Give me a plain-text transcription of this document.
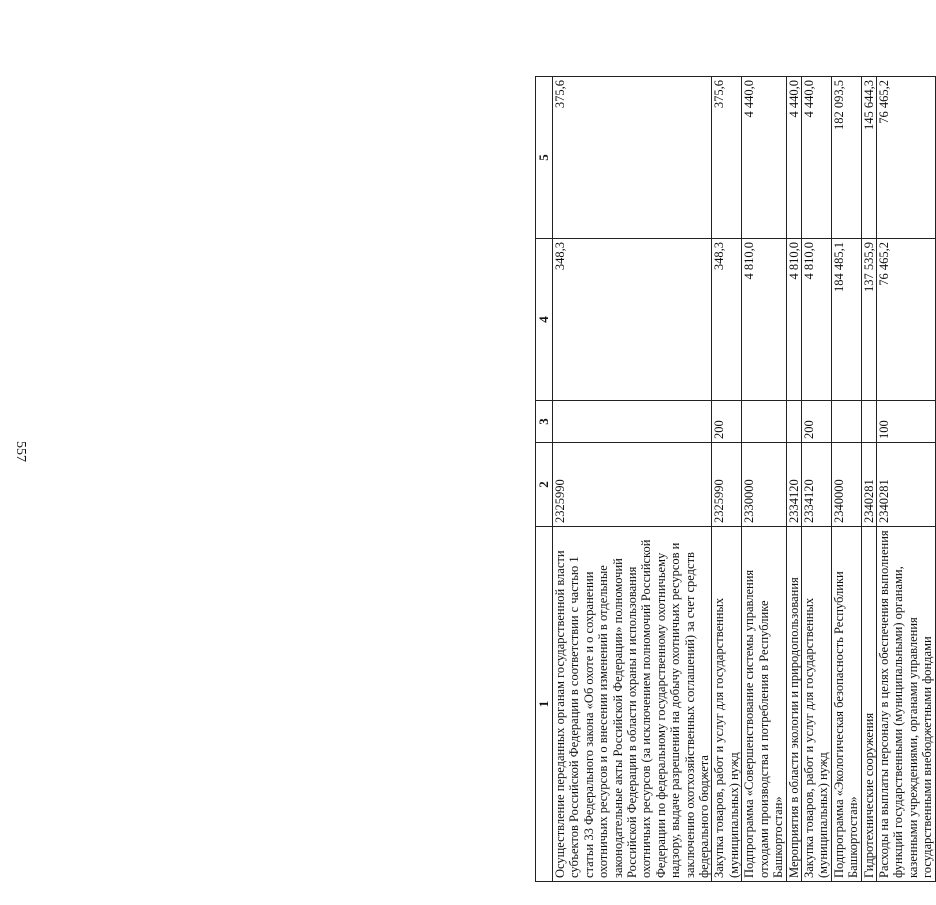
557
1	2	3	4	5
Осуществление переданных органам государственной власти субъектов Российской Федерации в соответствии с частью 1 статьи 33 Федерального закона «Об охоте и о сохранении охотничьих ресурсов и о внесении изменений в отдельные законодательные акты Российской Федерации» полномочий Российской Федерации в области охраны и использования охотничьих ресурсов (за исключением полномочий Российской Федерации по федеральному государственному охотничьему надзору, выдаче разрешений на добычу охотничьих ресурсов и заключению охотхозяйственных соглашений) за счет средств федерального бюджета	2325990		348,3	375,6
Закупка товаров, работ и услуг для государственных (муниципальных) нужд	2325990	200	348,3	375,6
Подпрограмма «Совершенствование системы управления отходами производства и потребления в Республике Башкортостан»	2330000		4 810,0	4 440,0
Мероприятия в области экологии и природопользования	2334120		4 810,0	4 440,0
Закупка товаров, работ и услуг для государственных (муниципальных) нужд	2334120	200	4 810,0	4 440,0
Подпрограмма «Экологическая безопасность Республики Башкортостан»	2340000		184 485,1	182 093,5
Гидротехнические сооружения	2340281		137 535,9	145 644,3
Расходы на выплаты персоналу в целях обеспечения выполнения функций государственными (муниципальными) органами, казенными учреждениями, органами управления государственными внебюджетными фондами	2340281	100	76 465,2	76 465,2
